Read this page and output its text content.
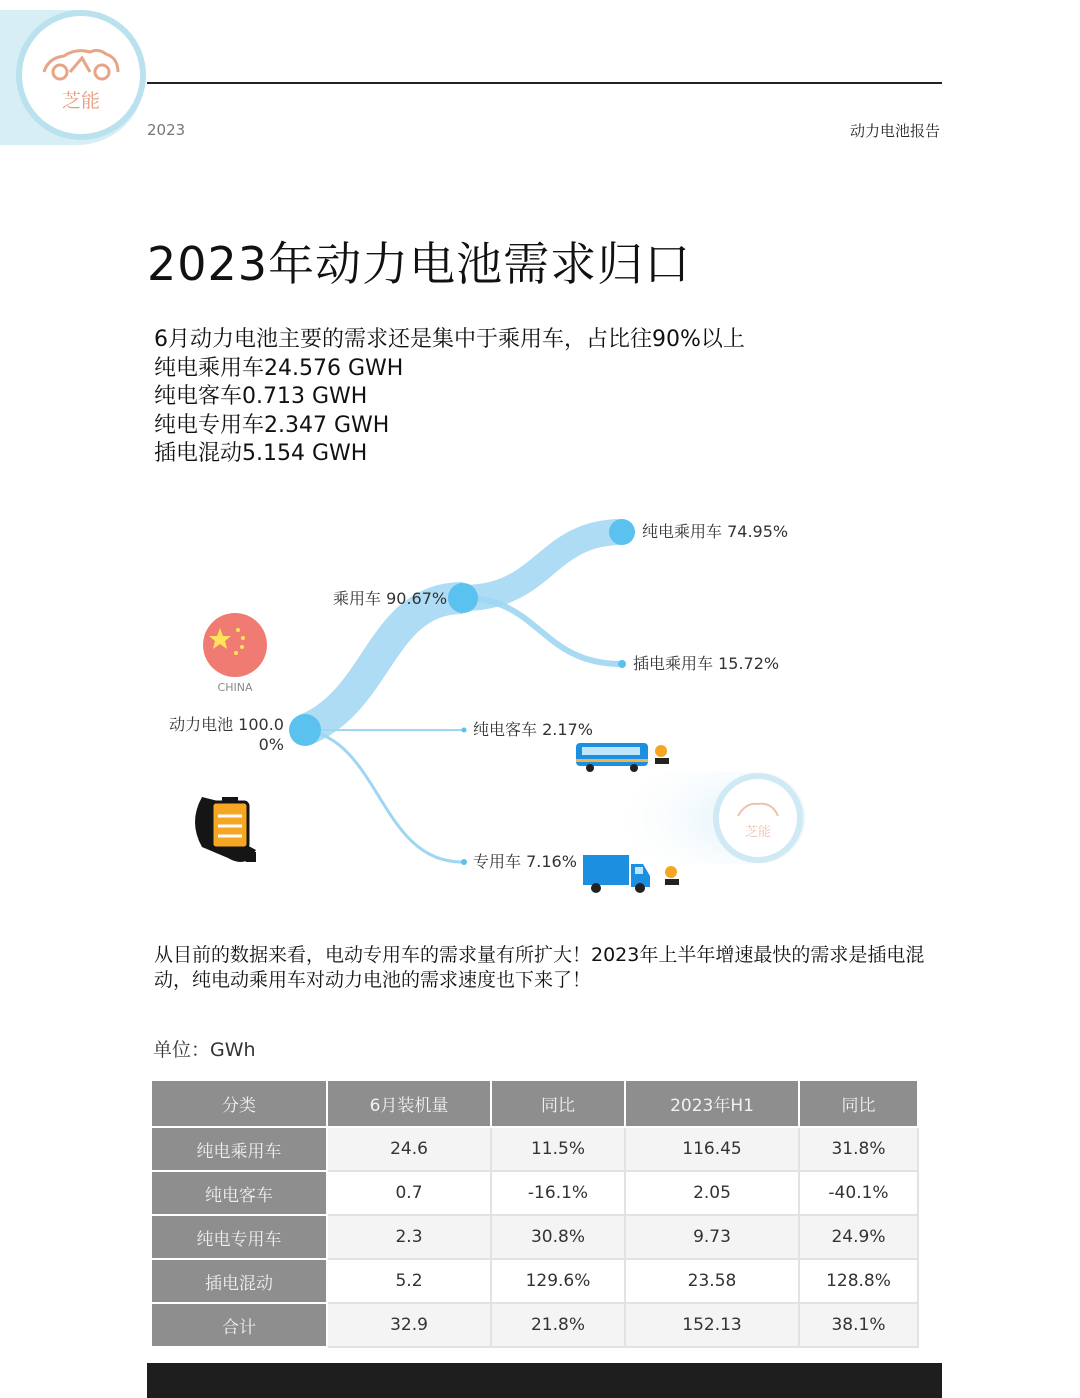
芝能
2023	动力电池报告
2023年动力电池需求归口
6月动力电池主要的需求还是集中于乘用车，占比往90%以上
纯电乘用车24.576 GWH
纯电客车0.713 GWH
纯电专用车2.347 GWH
插电混动5.154 GWH
芝能
动力电池 100.0
0%
乘用车 90.67%
纯电乘用车 74.95%
插电乘用车 15.72%
纯电客车 2.17%
专用车 7.16%
CHINA
从目前的数据来看，电动专用车的需求量有所扩大！2023年上半年增速最快的需求是插电混动，纯电动乘用车对动力电池的需求速度也下来了！
单位：GWh
分类	6月装机量	同比	2023年H1	同比
纯电乘用车	24.6	11.5%	116.45	31.8%
纯电客车	0.7	-16.1%	2.05	-40.1%
纯电专用车	2.3	30.8%	9.73	24.9%
插电混动	5.2	129.6%	23.58	128.8%
合计	32.9	21.8%	152.13	38.1%
